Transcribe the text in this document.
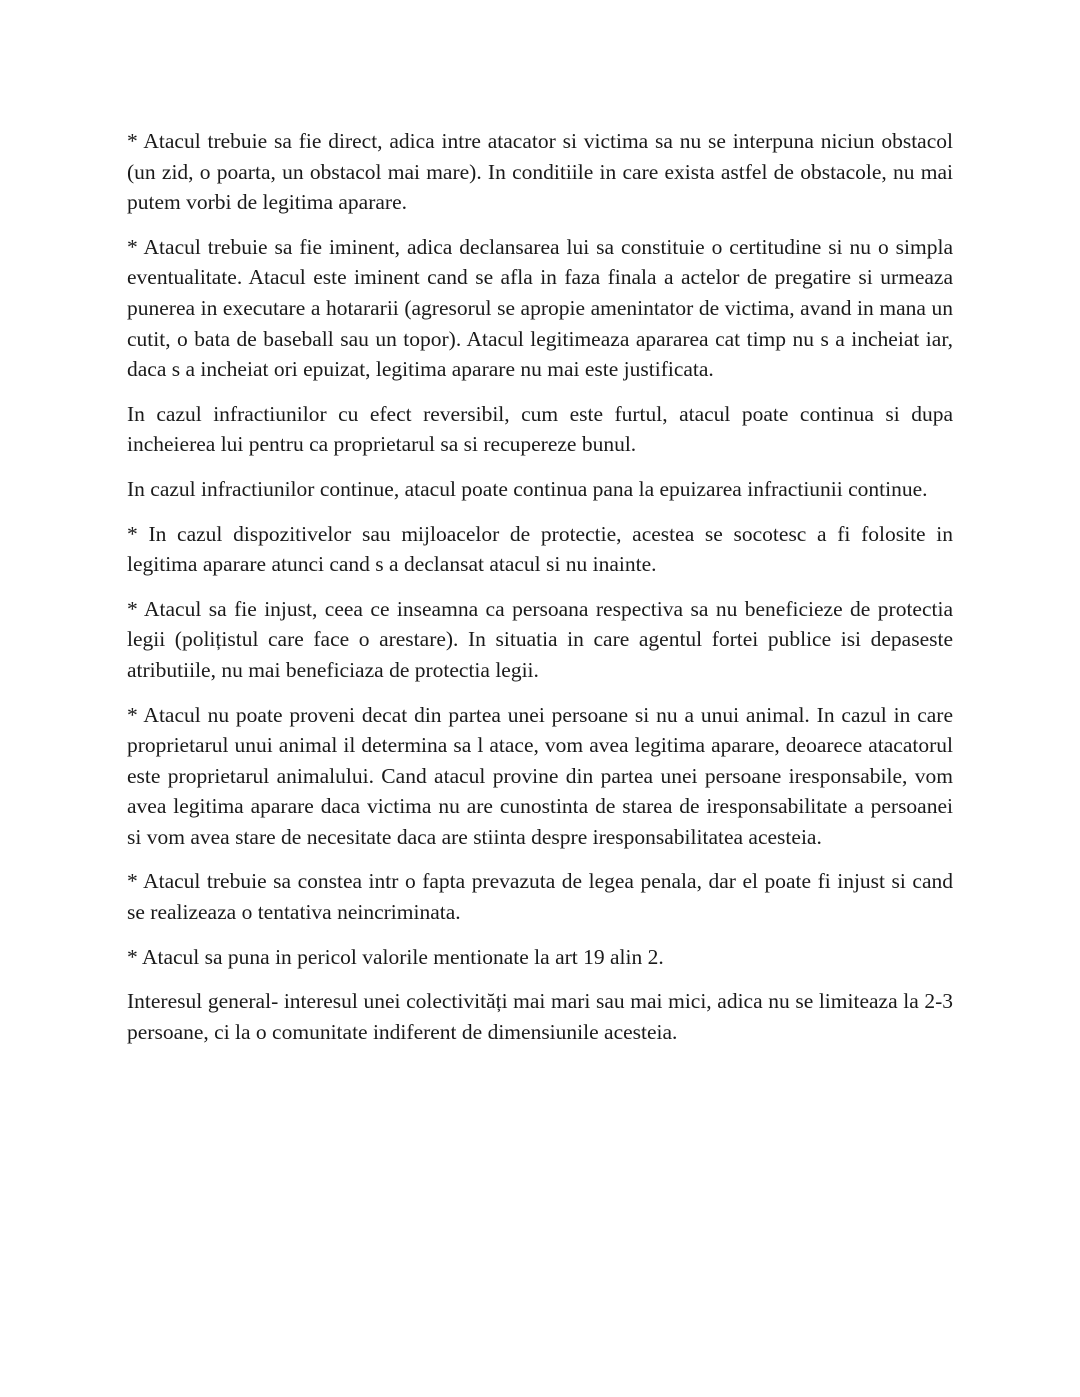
* Atacul trebuie sa fie direct, adica intre atacator si victima sa nu se interpuna niciun obstacol (un zid, o poarta, un obstacol mai mare). In conditiile in care exista astfel de obstacole, nu mai putem vorbi de legitima aparare.

* Atacul trebuie sa fie iminent, adica declansarea lui sa constituie o certitudine si nu o simpla eventualitate. Atacul este iminent cand se afla in faza finala a actelor de pregatire si urmeaza punerea in executare a hotararii (agresorul se apropie amenintator de victima, avand in mana un cutit, o bata de baseball sau un topor). Atacul legitimeaza apararea cat timp nu s a incheiat iar, daca s a incheiat ori epuizat, legitima aparare nu mai este justificata.

In cazul infractiunilor cu efect reversibil, cum este furtul, atacul poate continua si dupa incheierea lui pentru ca proprietarul sa si recupereze bunul.

In cazul infractiunilor continue, atacul poate continua pana la epuizarea infractiunii continue.

* In cazul dispozitivelor sau mijloacelor de protectie, acestea se socotesc a fi folosite in legitima aparare atunci cand s a declansat atacul si nu inainte.

* Atacul sa fie injust, ceea ce inseamna ca persoana respectiva sa nu beneficieze de protectia legii (polițistul care face o arestare). In situatia in care agentul fortei publice isi depaseste atributiile, nu mai beneficiaza de protectia legii.

* Atacul nu poate proveni decat din partea unei persoane si nu a unui animal. In cazul in care proprietarul unui animal il determina sa l atace, vom avea legitima aparare, deoarece atacatorul este proprietarul animalului. Cand atacul provine din partea unei persoane iresponsabile, vom avea legitima aparare daca victima nu are cunostinta de starea de iresponsabilitate a persoanei si vom avea stare de necesitate daca are stiinta despre iresponsabilitatea acesteia.

* Atacul trebuie sa constea intr o fapta prevazuta de legea penala, dar el poate fi injust si cand se realizeaza o tentativa neincriminata.

* Atacul sa puna in pericol valorile mentionate la art 19 alin 2.

Interesul general- interesul unei colectivități mai mari sau mai mici, adica nu se limiteaza la 2-3 persoane, ci la o comunitate indiferent de dimensiunile acesteia.
